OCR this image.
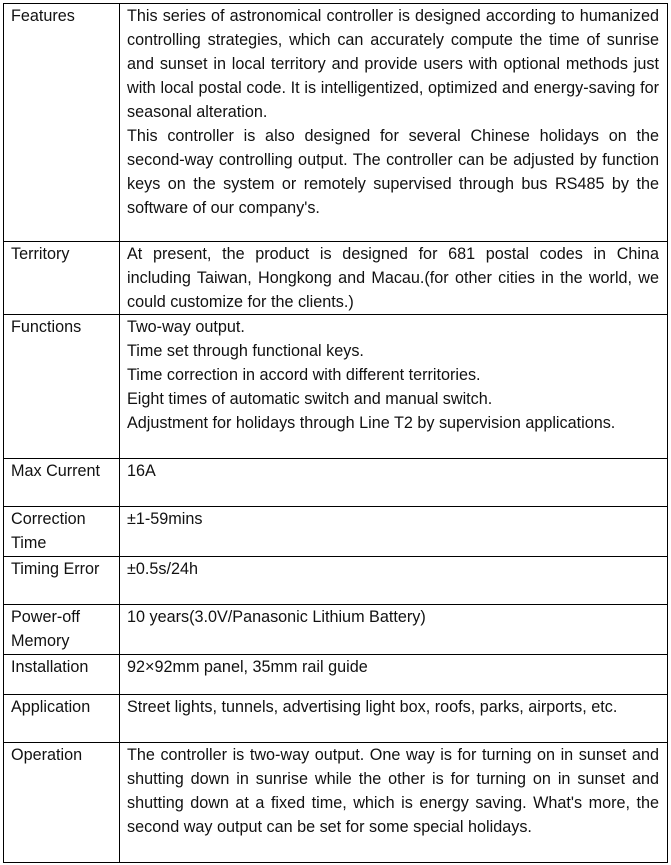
Features	This series of astronomical controller is designed according to humanized controlling strategies, which can accurately compute the time of sunrise and sunset in local territory and provide users with optional methods just with local postal code. It is intelligentized, optimized and energy-saving for seasonal alteration.
This controller is also designed for several Chinese holidays on the second-way controlling output. The controller can be adjusted by function keys on the system or remotely supervised through bus RS485 by the software of our company's.

Territory	At present, the product is designed for 681 postal codes in China including Taiwan, Hongkong and Macau.(for other cities in the world, we could customize for the clients.)

Functions	Two-way output.
Time set through functional keys.
Time correction in accord with different territories.
Eight times of automatic switch and manual switch.
Adjustment for holidays through Line T2 by supervision applications.

Max Current	16A
Correction Time	±1-59mins
Timing Error	±0.5s/24h
Power-off Memory	10 years(3.0V/Panasonic Lithium Battery)
Installation	92×92mm panel, 35mm rail guide
Application	Street lights, tunnels, advertising light box, roofs, parks, airports, etc.
Operation	The controller is two-way output. One way is for turning on in sunset and shutting down in sunrise while the other is for turning on in sunset and shutting down at a fixed time, which is energy saving. What's more, the second way output can be set for some special holidays.
